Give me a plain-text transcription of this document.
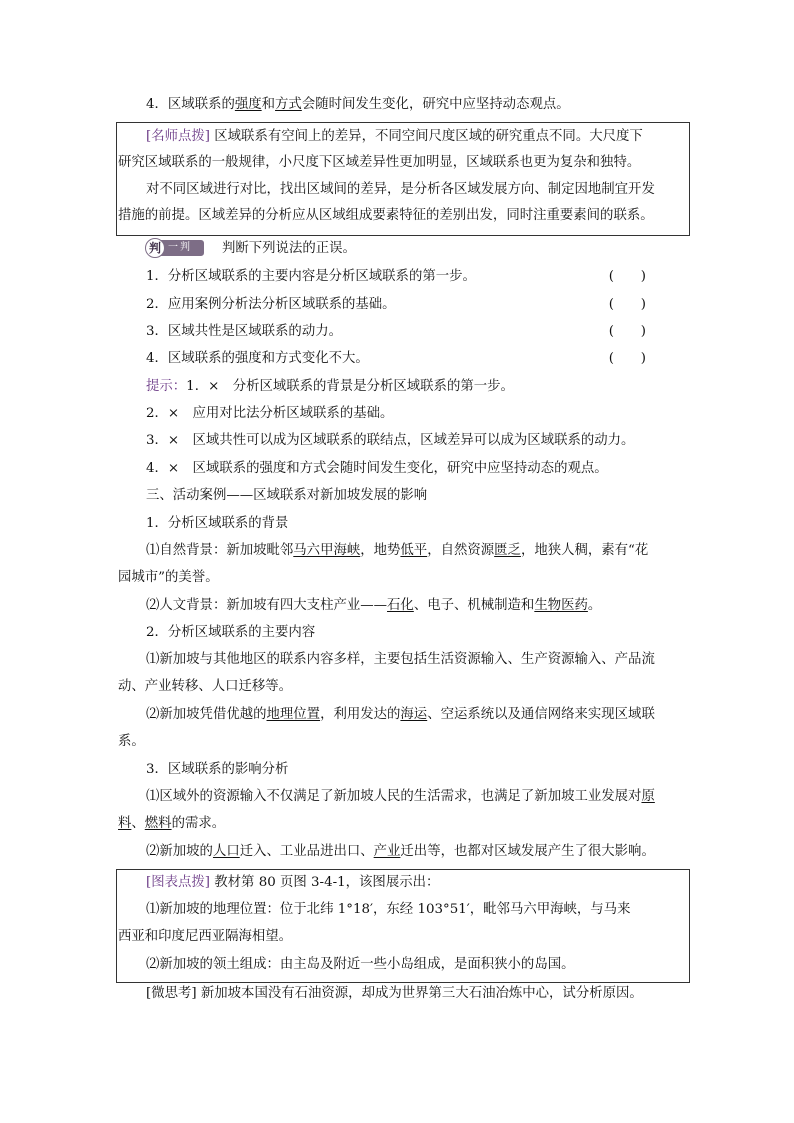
4．区域联系的强度和方式会随时间发生变化，研究中应坚持动态观点。
[名师点拨] 区域联系有空间上的差异，不同空间尺度区域的研究重点不同。大尺度下
研究区域联系的一般规律，小尺度下区域差异性更加明显，区域联系也更为复杂和独特。
对不同区域进行对比，找出区域间的差异，是分析各区域发展方向、制定因地制宜开发
措施的前提。区域差异的分析应从区域组成要素特征的差别出发，同时注重要素间的联系。
判 一判 判断下列说法的正误。
1．分析区域联系的主要内容是分析区域联系的第一步。	(　　)
2．应用案例分析法分析区域联系的基础。	(　　)
3．区域共性是区域联系的动力。	(　　)
4．区域联系的强度和方式变化不大。	(　　)
提示：1．×　分析区域联系的背景是分析区域联系的第一步。
2．×　应用对比法分析区域联系的基础。
3．×　区域共性可以成为区域联系的联结点，区域差异可以成为区域联系的动力。
4．×　区域联系的强度和方式会随时间发生变化，研究中应坚持动态的观点。
三、活动案例——区域联系对新加坡发展的影响
1．分析区域联系的背景
⑴自然背景：新加坡毗邻马六甲海峡，地势低平，自然资源匮乏，地狭人稠，素有“花
园城市”的美誉。
⑵人文背景：新加坡有四大支柱产业——石化、电子、机械制造和生物医药。
2．分析区域联系的主要内容
⑴新加坡与其他地区的联系内容多样，主要包括生活资源输入、生产资源输入、产品流
动、产业转移、人口迁移等。
⑵新加坡凭借优越的地理位置，利用发达的海运、空运系统以及通信网络来实现区域联
系。
3．区域联系的影响分析
⑴区域外的资源输入不仅满足了新加坡人民的生活需求，也满足了新加坡工业发展对原
料、燃料的需求。
⑵新加坡的人口迁入、工业品进出口、产业迁出等，也都对区域发展产生了很大影响。
[图表点拨] 教材第 80 页图 3-4-1，该图展示出：
⑴新加坡的地理位置：位于北纬 1°18′，东经 103°51′，毗邻马六甲海峡，与马来
西亚和印度尼西亚隔海相望。
⑵新加坡的领土组成：由主岛及附近一些小岛组成，是面积狭小的岛国。
[微思考] 新加坡本国没有石油资源，却成为世界第三大石油冶炼中心，试分析原因。
